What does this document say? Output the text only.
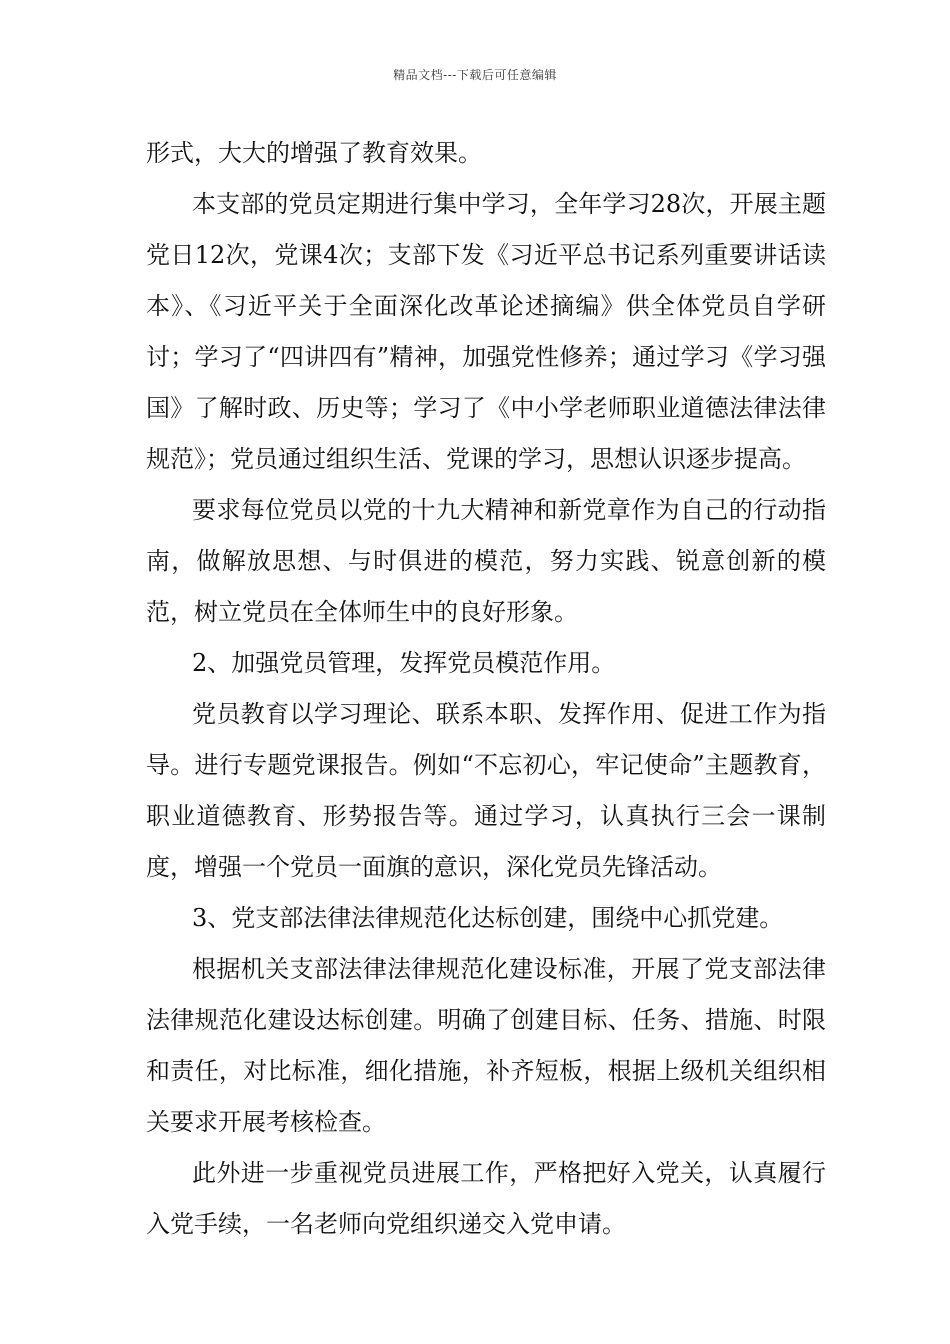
精品文档---下载后可任意编辑

形式，大大的增强了教育效果。

本支部的党员定期进行集中学习，全年学习28次，开展主题党日12次，党课4次；支部下发《习近平总书记系列重要讲话读本》、《习近平关于全面深化改革论述摘编》供全体党员自学研讨；学习了“四讲四有”精神，加强党性修养；通过学习《学习强国》了解时政、历史等；学习了《中小学老师职业道德法律法律规范》；党员通过组织生活、党课的学习，思想认识逐步提高。

要求每位党员以党的十九大精神和新党章作为自己的行动指南，做解放思想、与时俱进的模范，努力实践、锐意创新的模范，树立党员在全体师生中的良好形象。

2、加强党员管理，发挥党员模范作用。

党员教育以学习理论、联系本职、发挥作用、促进工作为指导。进行专题党课报告。例如“不忘初心，牢记使命”主题教育，职业道德教育、形势报告等。通过学习，认真执行三会一课制度，增强一个党员一面旗的意识，深化党员先锋活动。

3、党支部法律法律规范化达标创建，围绕中心抓党建。

根据机关支部法律法律规范化建设标准，开展了党支部法律法律规范化建设达标创建。明确了创建目标、任务、措施、时限和责任，对比标准，细化措施，补齐短板，根据上级机关组织相关要求开展考核检查。

此外进一步重视党员进展工作，严格把好入党关，认真履行入党手续，一名老师向党组织递交入党申请。
